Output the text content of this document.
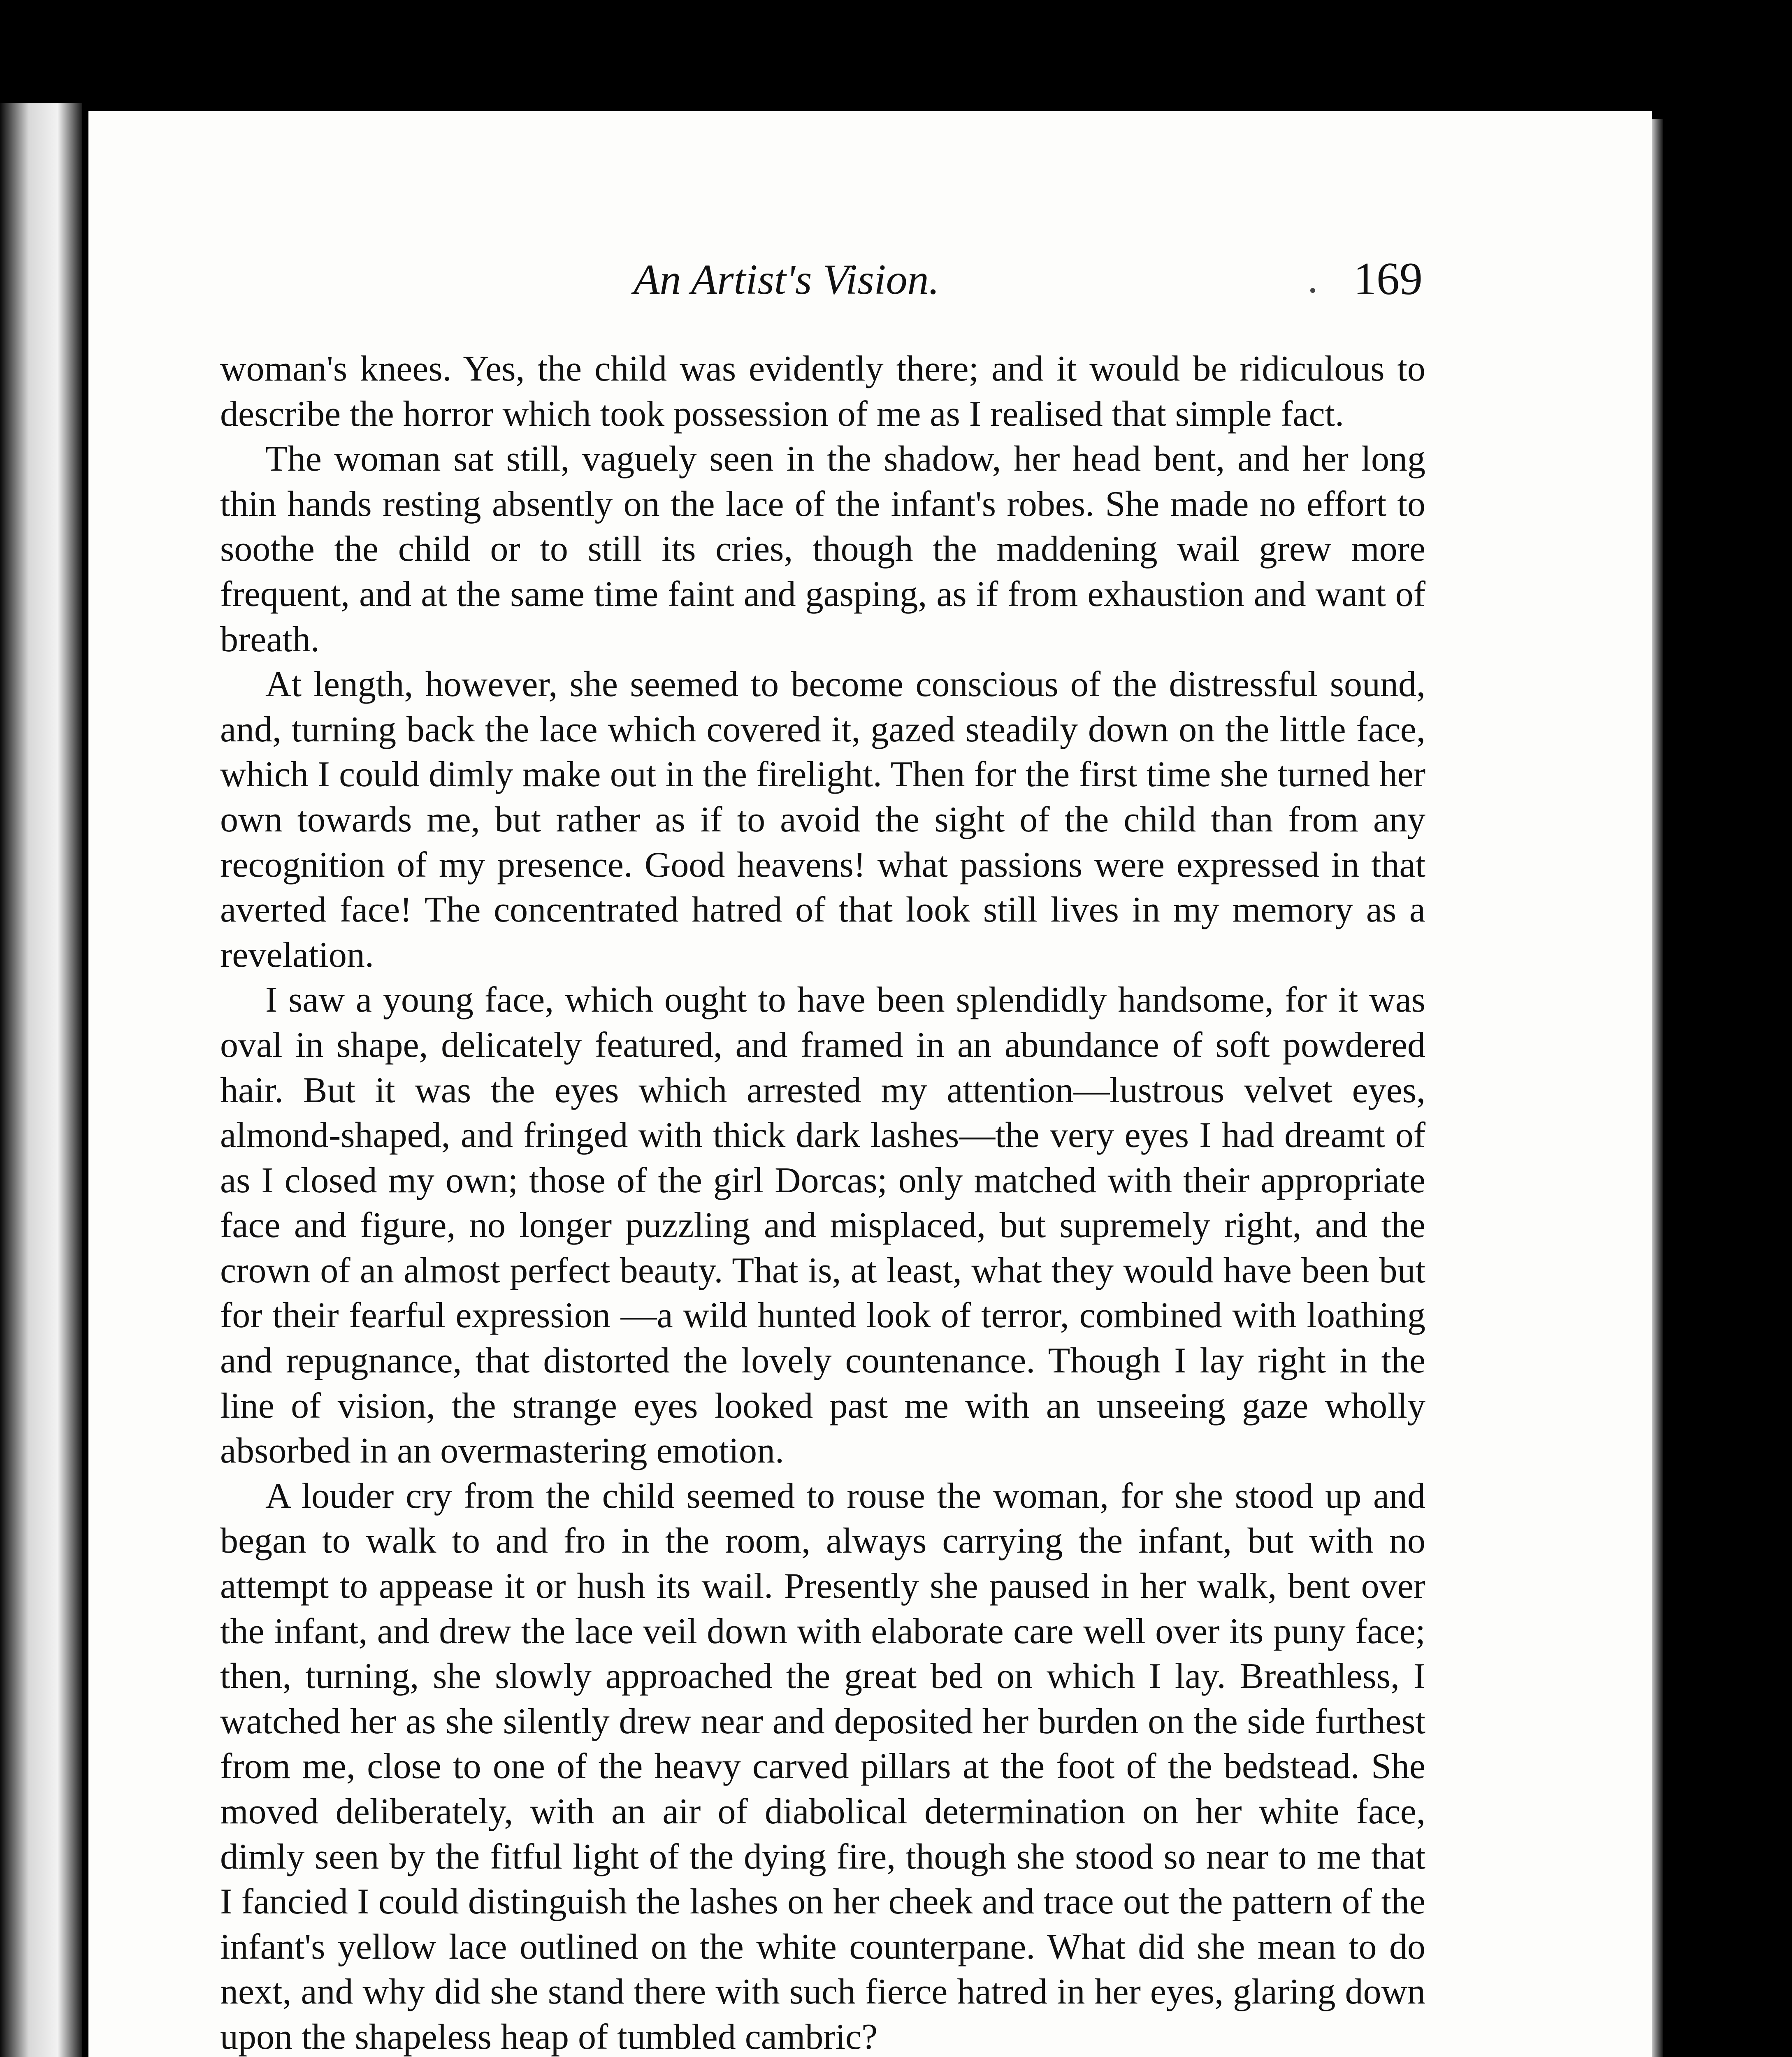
An Artist's Vision.	169

woman's knees. Yes, the child was evidently there; and it would be ridiculous to describe the horror which took possession of me as I realised that simple fact.

The woman sat still, vaguely seen in the shadow, her head bent, and her long thin hands resting absently on the lace of the infant's robes. She made no effort to soothe the child or to still its cries, though the maddening wail grew more frequent, and at the same time faint and gasping, as if from exhaustion and want of breath.

At length, however, she seemed to become conscious of the distressful sound, and, turning back the lace which covered it, gazed steadily down on the little face, which I could dimly make out in the firelight. Then for the first time she turned her own towards me, but rather as if to avoid the sight of the child than from any recognition of my presence. Good heavens! what passions were expressed in that averted face! The concentrated hatred of that look still lives in my memory as a revelation.

I saw a young face, which ought to have been splendidly handsome, for it was oval in shape, delicately featured, and framed in an abundance of soft powdered hair. But it was the eyes which arrested my attention—lustrous velvet eyes, almond-shaped, and fringed with thick dark lashes—the very eyes I had dreamt of as I closed my own; those of the girl Dorcas; only matched with their appropriate face and figure, no longer puzzling and misplaced, but supremely right, and the crown of an almost perfect beauty. That is, at least, what they would have been but for their fearful expression —a wild hunted look of terror, combined with loathing and repugnance, that distorted the lovely countenance. Though I lay right in the line of vision, the strange eyes looked past me with an unseeing gaze wholly absorbed in an overmastering emotion.

A louder cry from the child seemed to rouse the woman, for she stood up and began to walk to and fro in the room, always carrying the infant, but with no attempt to appease it or hush its wail. Presently she paused in her walk, bent over the infant, and drew the lace veil down with elaborate care well over its puny face; then, turning, she slowly approached the great bed on which I lay. Breathless, I watched her as she silently drew near and deposited her burden on the side furthest from me, close to one of the heavy carved pillars at the foot of the bedstead. She moved deliberately, with an air of diabolical determination on her white face, dimly seen by the fitful light of the dying fire, though she stood so near to me that I fancied I could distinguish the lashes on her cheek and trace out the pattern of the infant's yellow lace outlined on the white counterpane. What did she mean to do next, and why did she stand there with such fierce hatred in her eyes, glaring down upon the shapeless heap of tumbled cambric?
